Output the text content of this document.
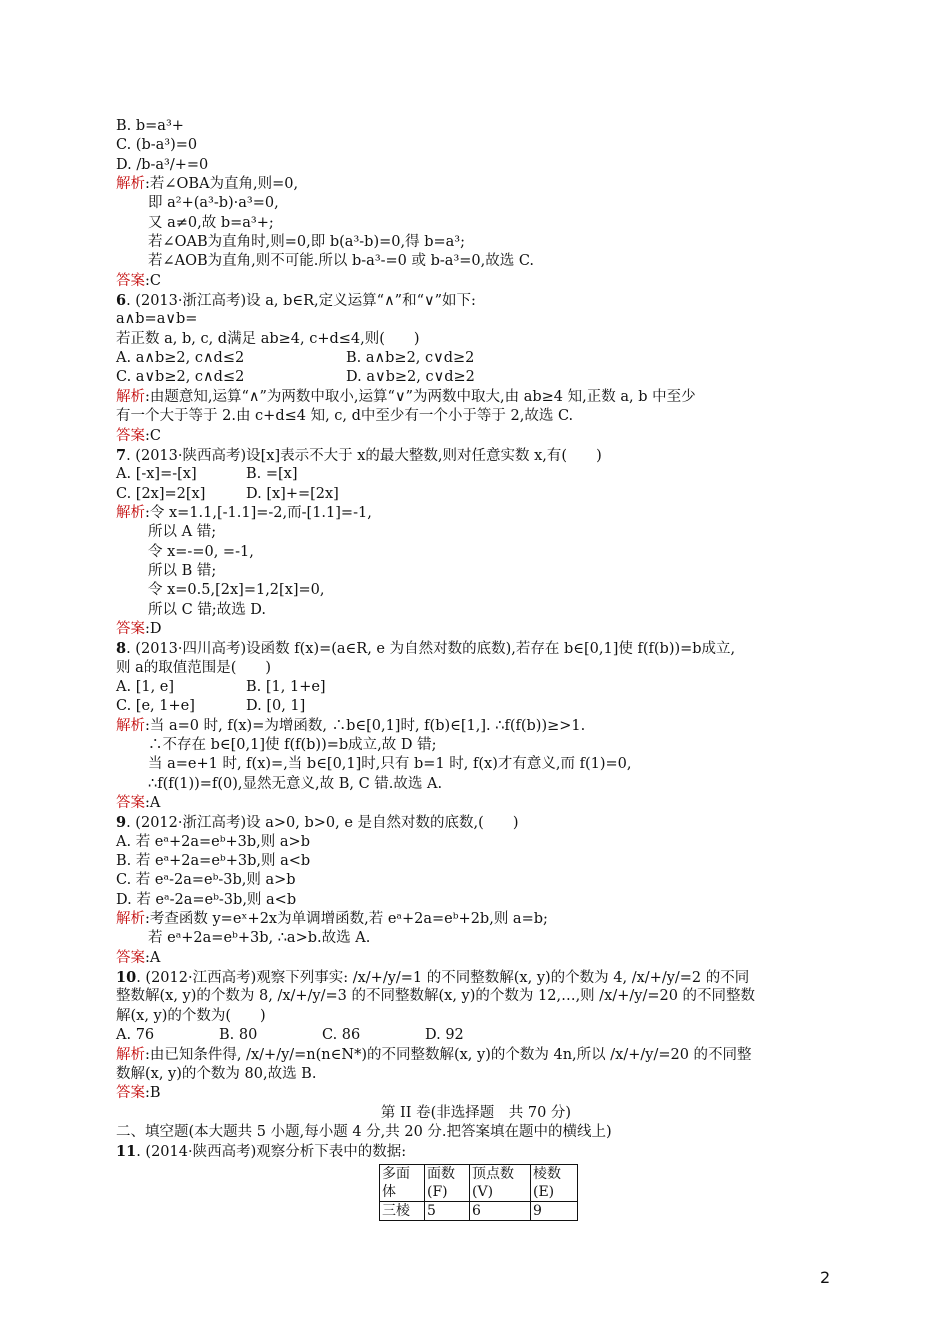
B. b=a³+
C. (b-a³)=0
D. /b-a³/+=0
解析:若∠OBA为直角,则=0,
即 a²+(a³-b)·a³=0,
又 a≠0,故 b=a³+;
若∠OAB为直角时,则=0,即 b(a³-b)=0,得 b=a³;
若∠AOB为直角,则不可能.所以 b-a³-=0 或 b-a³=0,故选 C.
答案:C
6. (2013·浙江高考)设 a, b∈R,定义运算“∧”和“∨”如下:
a∧b=a∨b=
若正数 a, b, c, d满足 ab≥4, c+d≤4,则(　　)
A. a∧b≥2, c∧d≤2	B. a∧b≥2, c∨d≥2
C. a∨b≥2, c∧d≤2	D. a∨b≥2, c∨d≥2
解析:由题意知,运算“∧”为两数中取小,运算“∨”为两数中取大,由 ab≥4 知,正数 a, b 中至少
有一个大于等于 2.由 c+d≤4 知, c, d中至少有一个小于等于 2,故选 C.
答案:C
7. (2013·陕西高考)设[x]表示不大于 x的最大整数,则对任意实数 x,有(　　)
A. [-x]=-[x]	B. =[x]
C. [2x]=2[x]	D. [x]+=[2x]
解析:令 x=1.1,[-1.1]=-2,而-[1.1]=-1,
所以 A 错;
令 x=-=0, =-1,
所以 B 错;
令 x=0.5,[2x]=1,2[x]=0,
所以 C 错;故选 D.
答案:D
8. (2013·四川高考)设函数 f(x)=(a∈R, e 为自然对数的底数),若存在 b∈[0,1]使 f(f(b))=b成立,
则 a的取值范围是(　　)
A. [1, e]	B. [1, 1+e]
C. [e, 1+e]	D. [0, 1]
解析:当 a=0 时, f(x)=为增函数, ∴b∈[0,1]时, f(b)∈[1,]. ∴f(f(b))≥>1.
∴不存在 b∈[0,1]使 f(f(b))=b成立,故 D 错;
当 a=e+1 时, f(x)=,当 b∈[0,1]时,只有 b=1 时, f(x)才有意义,而 f(1)=0,
∴f(f(1))=f(0),显然无意义,故 B, C 错.故选 A.
答案:A
9. (2012·浙江高考)设 a>0, b>0, e 是自然对数的底数,(　　)
A. 若 eᵃ+2a=eᵇ+3b,则 a>b
B. 若 eᵃ+2a=eᵇ+3b,则 a<b
C. 若 eᵃ-2a=eᵇ-3b,则 a>b
D. 若 eᵃ-2a=eᵇ-3b,则 a<b
解析:考查函数 y=eˣ+2x为单调增函数,若 eᵃ+2a=eᵇ+2b,则 a=b;
若 eᵃ+2a=eᵇ+3b, ∴a>b.故选 A.
答案:A
10. (2012·江西高考)观察下列事实: /x/+/y/=1 的不同整数解(x, y)的个数为 4, /x/+/y/=2 的不同
整数解(x, y)的个数为 8, /x/+/y/=3 的不同整数解(x, y)的个数为 12,…,则 /x/+/y/=20 的不同整数
解(x, y)的个数为(　　)
A. 76	B. 80	C. 86	D. 92
解析:由已知条件得, /x/+/y/=n(n∈N*)的不同整数解(x, y)的个数为 4n,所以 /x/+/y/=20 的不同整
数解(x, y)的个数为 80,故选 B.
答案:B
第 II 卷(非选择题　共 70 分)
二、填空题(本大题共 5 小题,每小题 4 分,共 20 分.把答案填在题中的横线上)
11. (2014·陕西高考)观察分析下表中的数据:
多面体	面数(F)	顶点数(V)	棱数(E)
三棱	5	6	9
2
